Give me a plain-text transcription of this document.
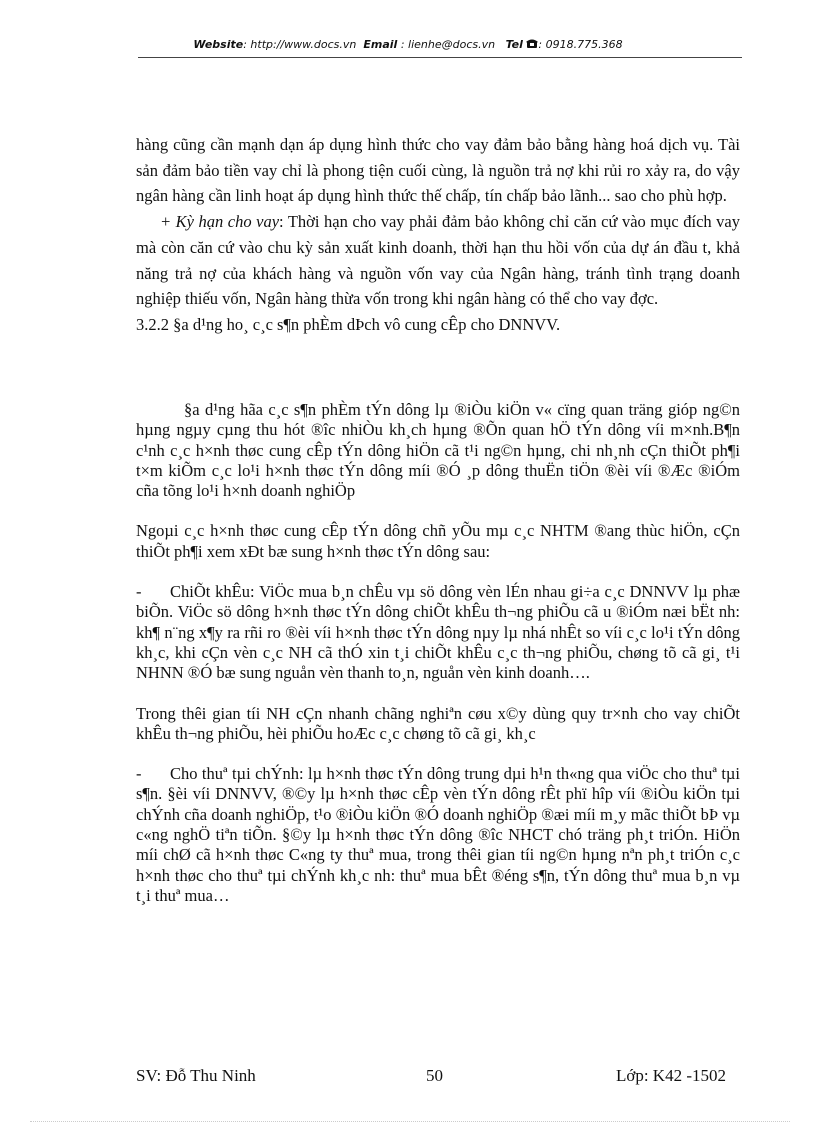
Website: http://www.docs.vn Email : lienhe@docs.vn Tel : 0918.775.368

hàng cũng cần mạnh dạn áp dụng hình thức cho vay đảm bảo bằng hàng hoá dịch vụ. Tài sản đảm bảo tiền vay chỉ là phong tiện cuối cùng, là nguồn trả nợ khi rủi ro xảy ra, do vậy ngân hàng cần linh hoạt áp dụng hình thức thế chấp, tín chấp bảo lãnh... sao cho phù hợp.

+ Kỳ hạn cho vay: Thời hạn cho vay phải đảm bảo không chỉ căn cứ vào mục đích vay mà còn căn cứ vào chu kỳ sản xuất kinh doanh, thời hạn thu hồi vốn của dự án đầu t, khả năng trả nợ của khách hàng và nguồn vốn vay của Ngân hàng, tránh tình trạng doanh nghiệp thiếu vốn, Ngân hàng thừa vốn trong khi ngân hàng có thể cho vay đợc.

3.2.2 §a d¹ng ho¸ c¸c s¶n phÈm dÞch vô cung cÊp cho DNNVV.

§a d¹ng hãa c¸c s¶n phÈm tÝn dông lµ ®iÒu kiÖn v« cïng quan träng gióp ng©n hµng ngµy cµng thu hót ®îc nhiÒu kh¸ch hµng ®Õn quan hÖ tÝn dông víi m×nh.B¶n c¹nh c¸c h×nh thøc cung cÊp tÝn dông hiÖn cã t¹i ng©n hµng, chi nh¸nh cÇn thiÕt ph¶i t×m kiÕm c¸c lo¹i h×nh thøc tÝn dông míi ®Ó ¸p dông thuËn tiÖn ®èi víi ®Æc ®iÓm cña tõng lo¹i h×nh doanh nghiÖp

Ngoµi c¸c h×nh thøc cung cÊp tÝn dông chñ yÕu mµ c¸c NHTM ®ang thùc hiÖn, cÇn thiÕt ph¶i xem xÐt bæ sung h×nh thøc tÝn dông sau:

- ChiÕt khÊu: ViÖc mua b¸n chÊu vµ sö dông vèn lÉn nhau gi÷a c¸c DNNVV lµ phæ biÕn. ViÖc sö dông h×nh thøc tÝn dông chiÕt khÊu th¬ng phiÕu cã u ®iÓm næi bËt nh: kh¶ n¨ng x¶y ra rñi ro ®èi víi h×nh thøc tÝn dông nµy lµ nhá nhÊt so víi c¸c lo¹i tÝn dông kh¸c, khi cÇn vèn c¸c NH cã thÓ xin t¸i chiÕt khÊu c¸c th¬ng phiÕu, chøng tõ cã gi¸ t¹i NHNN ®Ó bæ sung nguån vèn thanh to¸n, nguån vèn kinh doanh….

Trong thêi gian tíi NH cÇn nhanh chãng nghiªn cøu x©y dùng quy tr×nh cho vay chiÕt khÊu th¬ng phiÕu, hèi phiÕu hoÆc c¸c chøng tõ cã gi¸ kh¸c

- Cho thuª tµi chÝnh: lµ h×nh thøc tÝn dông trung dµi h¹n th«ng qua viÖc cho thuª tµi s¶n. §èi víi DNNVV, ®©y lµ h×nh thøc cÊp vèn tÝn dông rÊt phï hîp víi ®iÒu kiÖn tµi chÝnh cña doanh nghiÖp, t¹o ®iÒu kiÖn ®Ó doanh nghiÖp ®æi míi m¸y mãc thiÕt bÞ vµ c«ng nghÖ tiªn tiÕn. §©y lµ h×nh thøc tÝn dông ®îc NHCT chó träng ph¸t triÓn. HiÖn míi chØ cã h×nh thøc C«ng ty thuª mua, trong thêi gian tíi ng©n hµng nªn ph¸t triÓn c¸c h×nh thøc cho thuª tµi chÝnh kh¸c nh: thuª mua bÊt ®éng s¶n, tÝn dông thuª mua b¸n vµ t¸i thuª mua…

SV: Đỗ Thu Ninh	50	Lớp: K42 -1502
